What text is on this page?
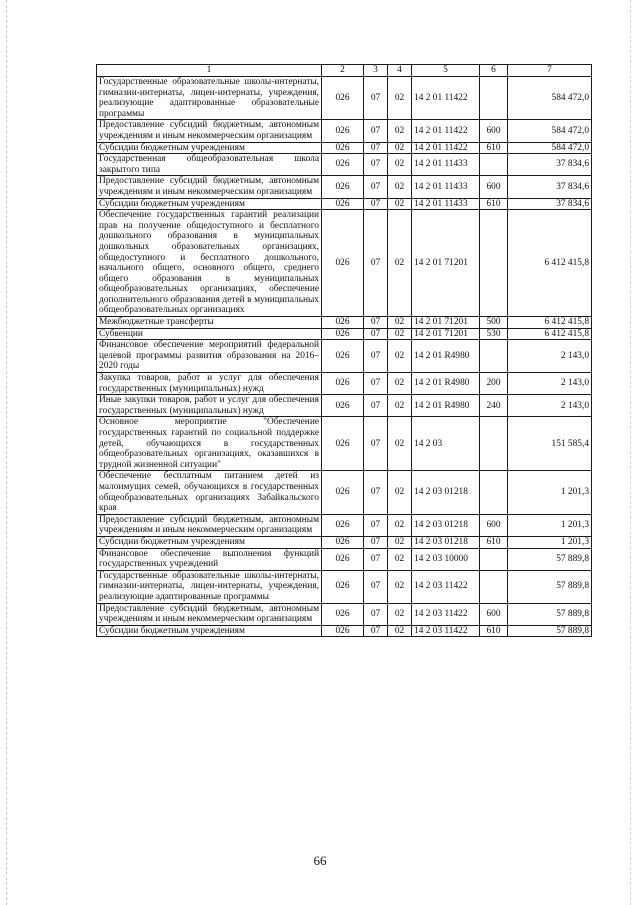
1	2	3	4	5	6	7
Государственные образовательные школы-интернаты, гимназии-интернаты, лицеи-интернаты, учреждения, реализующие адаптированные образовательные программы	026	07	02	14 2 01 11422		584 472,0
Предоставление субсидий бюджетным, автономным учреждениям и иным некоммерческим организациям	026	07	02	14 2 01 11422	600	584 472,0
Субсидии бюджетным учреждениям	026	07	02	14 2 01 11422	610	584 472,0
Государственная общеобразовательная школа закрытого типа	026	07	02	14 2 01 11433		37 834,6
Предоставление субсидий бюджетным, автономным учреждениям и иным некоммерческим организациям	026	07	02	14 2 01 11433	600	37 834,6
Субсидии бюджетным учреждениям	026	07	02	14 2 01 11433	610	37 834,6
Обеспечение государственных гарантий реализации прав на получение общедоступного и бесплатного дошкольного образования в муниципальных дошкольных образовательных организациях, общедоступного и бесплатного дошкольного, начального общего, основного общего, среднего общего образования в муниципальных общеобразовательных организациях, обеспечение дополнительного образования детей в муниципальных общеобразовательных организациях	026	07	02	14 2 01 71201		6 412 415,8
Межбюджетные трансферты	026	07	02	14 2 01 71201	500	6 412 415,8
Субвенции	026	07	02	14 2 01 71201	530	6 412 415,8
Финансовое обеспечение мероприятий федеральной целевой программы развития образования на 2016–2020 годы	026	07	02	14 2 01 R4980		2 143,0
Закупка товаров, работ и услуг для обеспечения государственных (муниципальных) нужд	026	07	02	14 2 01 R4980	200	2 143,0
Иные закупки товаров, работ и услуг для обеспечения государственных (муниципальных) нужд	026	07	02	14 2 01 R4980	240	2 143,0
Основное мероприятие "Обеспечение государственных гарантий по социальной поддержке детей, обучающихся в государственных общеобразовательных организациях, оказавшихся в трудной жизненной ситуации"	026	07	02	14 2 03		151 585,4
Обеспечение бесплатным питанием детей из малоимущих семей, обучающихся в государственных общеобразовательных организациях Забайкальского края	026	07	02	14 2 03 01218		1 201,3
Предоставление субсидий бюджетным, автономным учреждениям и иным некоммерческим организациям	026	07	02	14 2 03 01218	600	1 201,3
Субсидии бюджетным учреждениям	026	07	02	14 2 03 01218	610	1 201,3
Финансовое обеспечение выполнения функций государственных учреждений	026	07	02	14 2 03 10000		57 889,8
Государственные образовательные школы-интернаты, гимназии-интернаты, лицеи-интернаты, учреждения, реализующие адаптированные программы	026	07	02	14 2 03 11422		57 889,8
Предоставление субсидий бюджетным, автономным учреждениям и иным некоммерческим организациям	026	07	02	14 2 03 11422	600	57 889,8
Субсидии бюджетным учреждениям	026	07	02	14 2 03 11422	610	57 889,8
66
